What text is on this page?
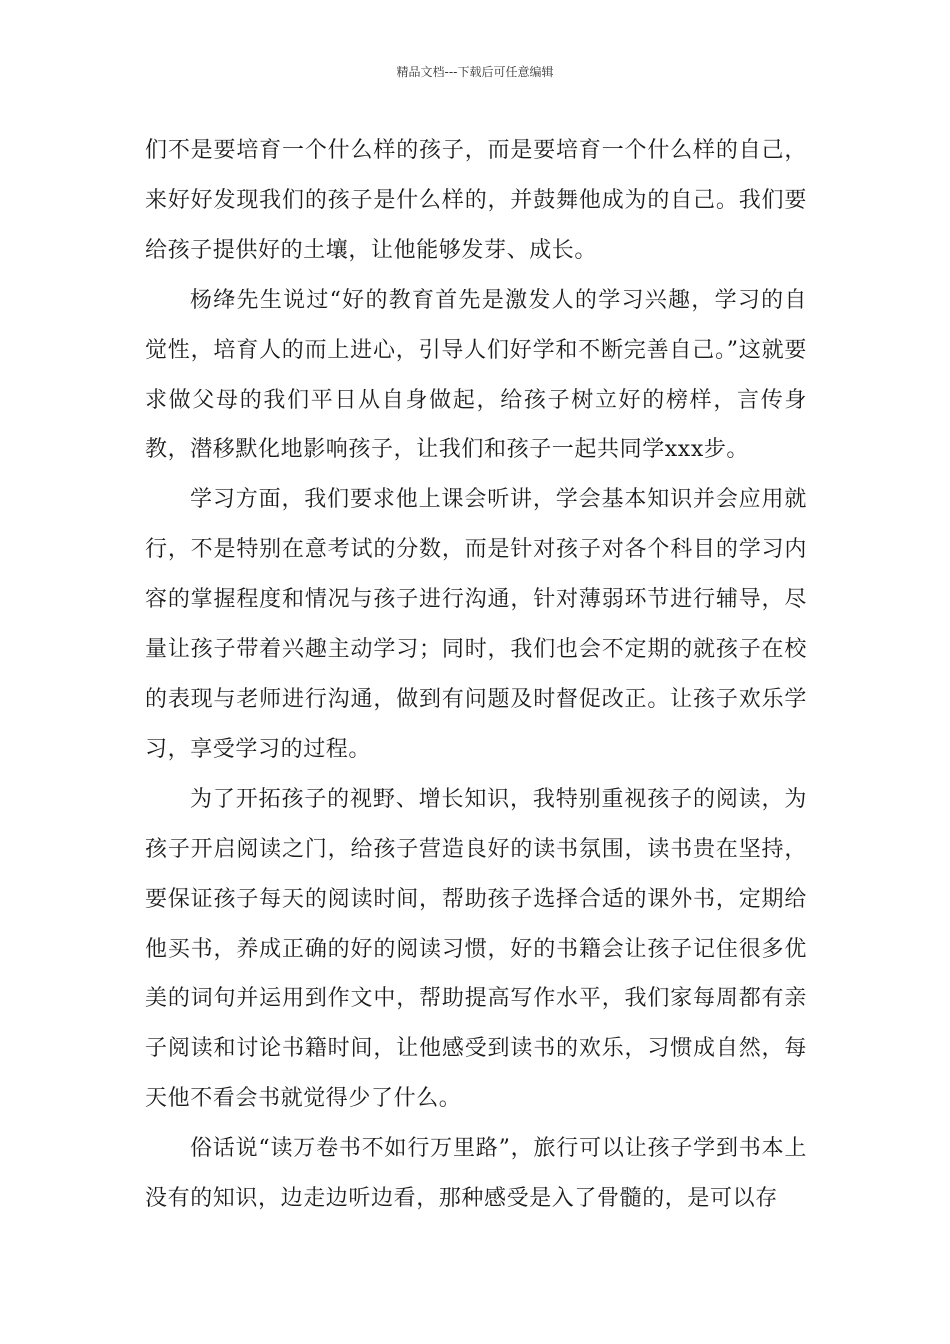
精品文档---下载后可任意编辑

们不是要培育一个什么样的孩子，而是要培育一个什么样的自己，来好好发现我们的孩子是什么样的，并鼓舞他成为的自己。我们要给孩子提供好的土壤，让他能够发芽、成长。

杨绛先生说过“好的教育首先是激发人的学习兴趣，学习的自觉性，培育人的而上进心，引导人们好学和不断完善自己。”这就要求做父母的我们平日从自身做起，给孩子树立好的榜样，言传身教，潜移默化地影响孩子，让我们和孩子一起共同学xxx步。

学习方面，我们要求他上课会听讲，学会基本知识并会应用就行，不是特别在意考试的分数，而是针对孩子对各个科目的学习内容的掌握程度和情况与孩子进行沟通，针对薄弱环节进行辅导，尽量让孩子带着兴趣主动学习；同时，我们也会不定期的就孩子在校的表现与老师进行沟通，做到有问题及时督促改正。让孩子欢乐学习，享受学习的过程。

为了开拓孩子的视野、增长知识，我特别重视孩子的阅读，为孩子开启阅读之门，给孩子营造良好的读书氛围，读书贵在坚持，要保证孩子每天的阅读时间，帮助孩子选择合适的课外书，定期给他买书，养成正确的好的阅读习惯，好的书籍会让孩子记住很多优美的词句并运用到作文中，帮助提高写作水平，我们家每周都有亲子阅读和讨论书籍时间，让他感受到读书的欢乐，习惯成自然，每天他不看会书就觉得少了什么。

俗话说“读万卷书不如行万里路”，旅行可以让孩子学到书本上没有的知识，边走边听边看，那种感受是入了骨髓的，是可以存
